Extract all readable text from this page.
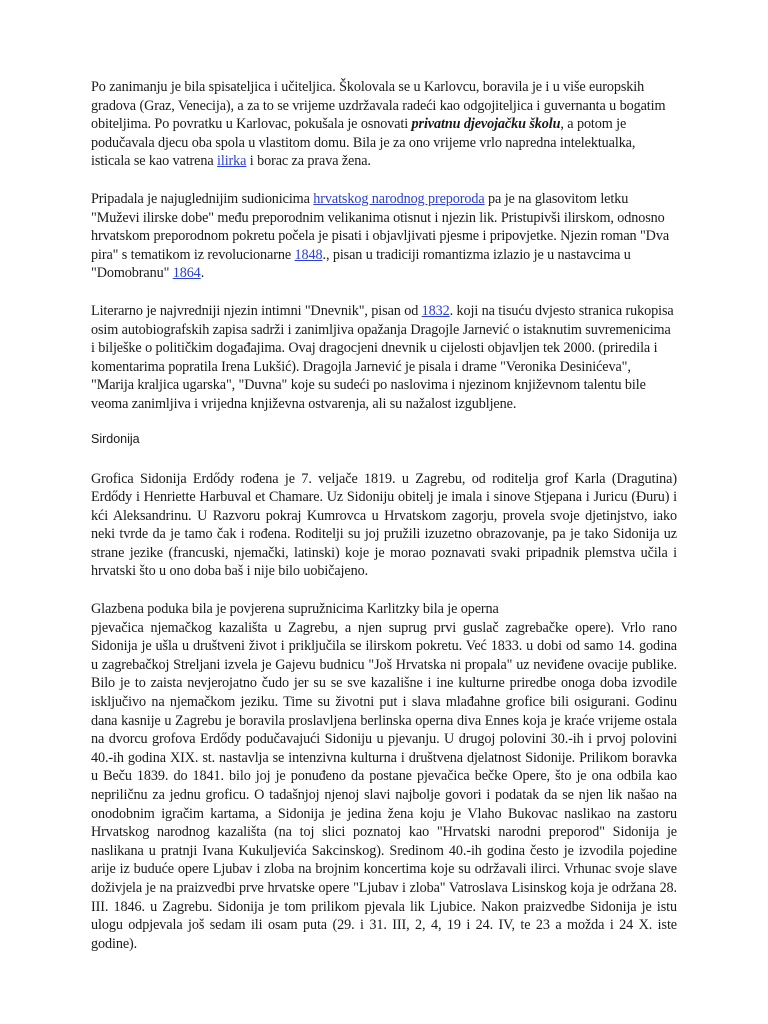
Po zanimanju je bila spisateljica i učiteljica. Školovala se u Karlovcu, boravila je i u više europskih gradova (Graz, Venecija), a za to se vrijeme uzdržavala radeći kao odgojiteljica i guvernanta u bogatim obiteljima. Po povratku u Karlovac, pokušala je osnovati privatnu djevojačku školu, a potom je podučavala djecu oba spola u vlastitom domu. Bila je za ono vrijeme vrlo napredna intelektualka, isticala se kao vatrena ilirka i borac za prava žena.

Pripadala je najuglednijim sudionicima hrvatskog narodnog preporoda pa je na glasovitom letku "Muževi ilirske dobe" među preporodnim velikanima otisnut i njezin lik. Pristupivši ilirskom, odnosno hrvatskom preporodnom pokretu počela je pisati i objavljivati pjesme i pripovjetke. Njezin roman "Dva pira" s tematikom iz revolucionarne 1848., pisan u tradiciji romantizma izlazio je u nastavcima u "Domobranu" 1864.

Literarno je najvredniji njezin intimni "Dnevnik", pisan od 1832. koji na tisuću dvjesto stranica rukopisa osim autobiografskih zapisa sadrži i zanimljiva opažanja Dragojle Jarnević o istaknutim suvremenicima i bilješke o političkim događajima. Ovaj dragocjeni dnevnik u cijelosti objavljen tek 2000. (priredila i komentarima popratila Irena Lukšić). Dragojla Jarnević je pisala i drame "Veronika Desinićeva", "Marija kraljica ugarska", "Duvna" koje su sudeći po naslovima i njezinom književnom talentu bile veoma zanimljiva i vrijedna književna ostvarenja, ali su nažalost izgubljene.

Sirdonija

Grofica Sidonija Erdődy rođena je 7. veljače 1819. u Zagrebu, od roditelja grof Karla (Dragutina) Erdődy i Henriette Harbuval et Chamare. Uz Sidoniju obitelj je imala i sinove Stjepana i Juricu (Đuru) i kći Aleksandrinu. U Razvoru pokraj Kumrovca u Hrvatskom zagorju, provela svoje djetinjstvo, iako neki tvrde da je tamo čak i rođena. Roditelji su joj pružili izuzetno obrazovanje, pa je tako Sidonija uz strane jezike (francuski, njemački, latinski) koje je morao poznavati svaki pripadnik plemstva učila i hrvatski što u ono doba baš i nije bilo uobičajeno.

Glazbena poduka bila je povjerena supružnicima Karlitzky bila je operna

pjevačica njemačkog kazališta u Zagrebu, a njen suprug prvi guslač zagrebačke opere). Vrlo rano Sidonija je ušla u društveni život i priključila se ilirskom pokretu. Već 1833. u dobi od samo 14. godina u zagrebačkoj Streljani izvela je Gajevu budnicu "Još Hrvatska ni propala" uz neviđene ovacije publike. Bilo je to zaista nevjerojatno čudo jer su se sve kazališne i ine kulturne priredbe onoga doba izvodile isključivo na njemačkom jeziku. Time su životni put i slava mlađahne grofice bili osigurani. Godinu dana kasnije u Zagrebu je boravila proslavljena berlinska operna diva Ennes koja je kraće vrijeme ostala na dvorcu grofova Erdődy podučavajući Sidoniju u pjevanju. U drugoj polovini 30.-ih i prvoj polovini 40.-ih godina XIX. st. nastavlja se intenzivna kulturna i društvena djelatnost Sidonije. Prilikom boravka u Beču 1839. do 1841. bilo joj je ponuđeno da postane pjevačica bečke Opere, što je ona odbila kao nepriličnu za jednu groficu. O tadašnjoj njenoj slavi najbolje govori i podatak da se njen lik našao na onodobnim igračim kartama, a Sidonija je jedina žena koju je Vlaho Bukovac naslikao na zastoru Hrvatskog narodnog kazališta (na toj slici poznatoj kao "Hrvatski narodni preporod" Sidonija je naslikana u pratnji Ivana Kukuljevića Sakcinskog). Sredinom 40.-ih godina često je izvodila pojedine arije iz buduće opere Ljubav i zloba na brojnim koncertima koje su održavali ilirci. Vrhunac svoje slave doživjela je na praizvedbi prve hrvatske opere "Ljubav i zloba" Vatroslava Lisinskog koja je održana 28. III. 1846. u Zagrebu. Sidonija je tom prilikom pjevala lik Ljubice. Nakon praizvedbe Sidonija je istu ulogu odpjevala još sedam ili osam puta (29. i 31. III, 2, 4, 19 i 24. IV, te 23 a možda i 24 X. iste godine).
